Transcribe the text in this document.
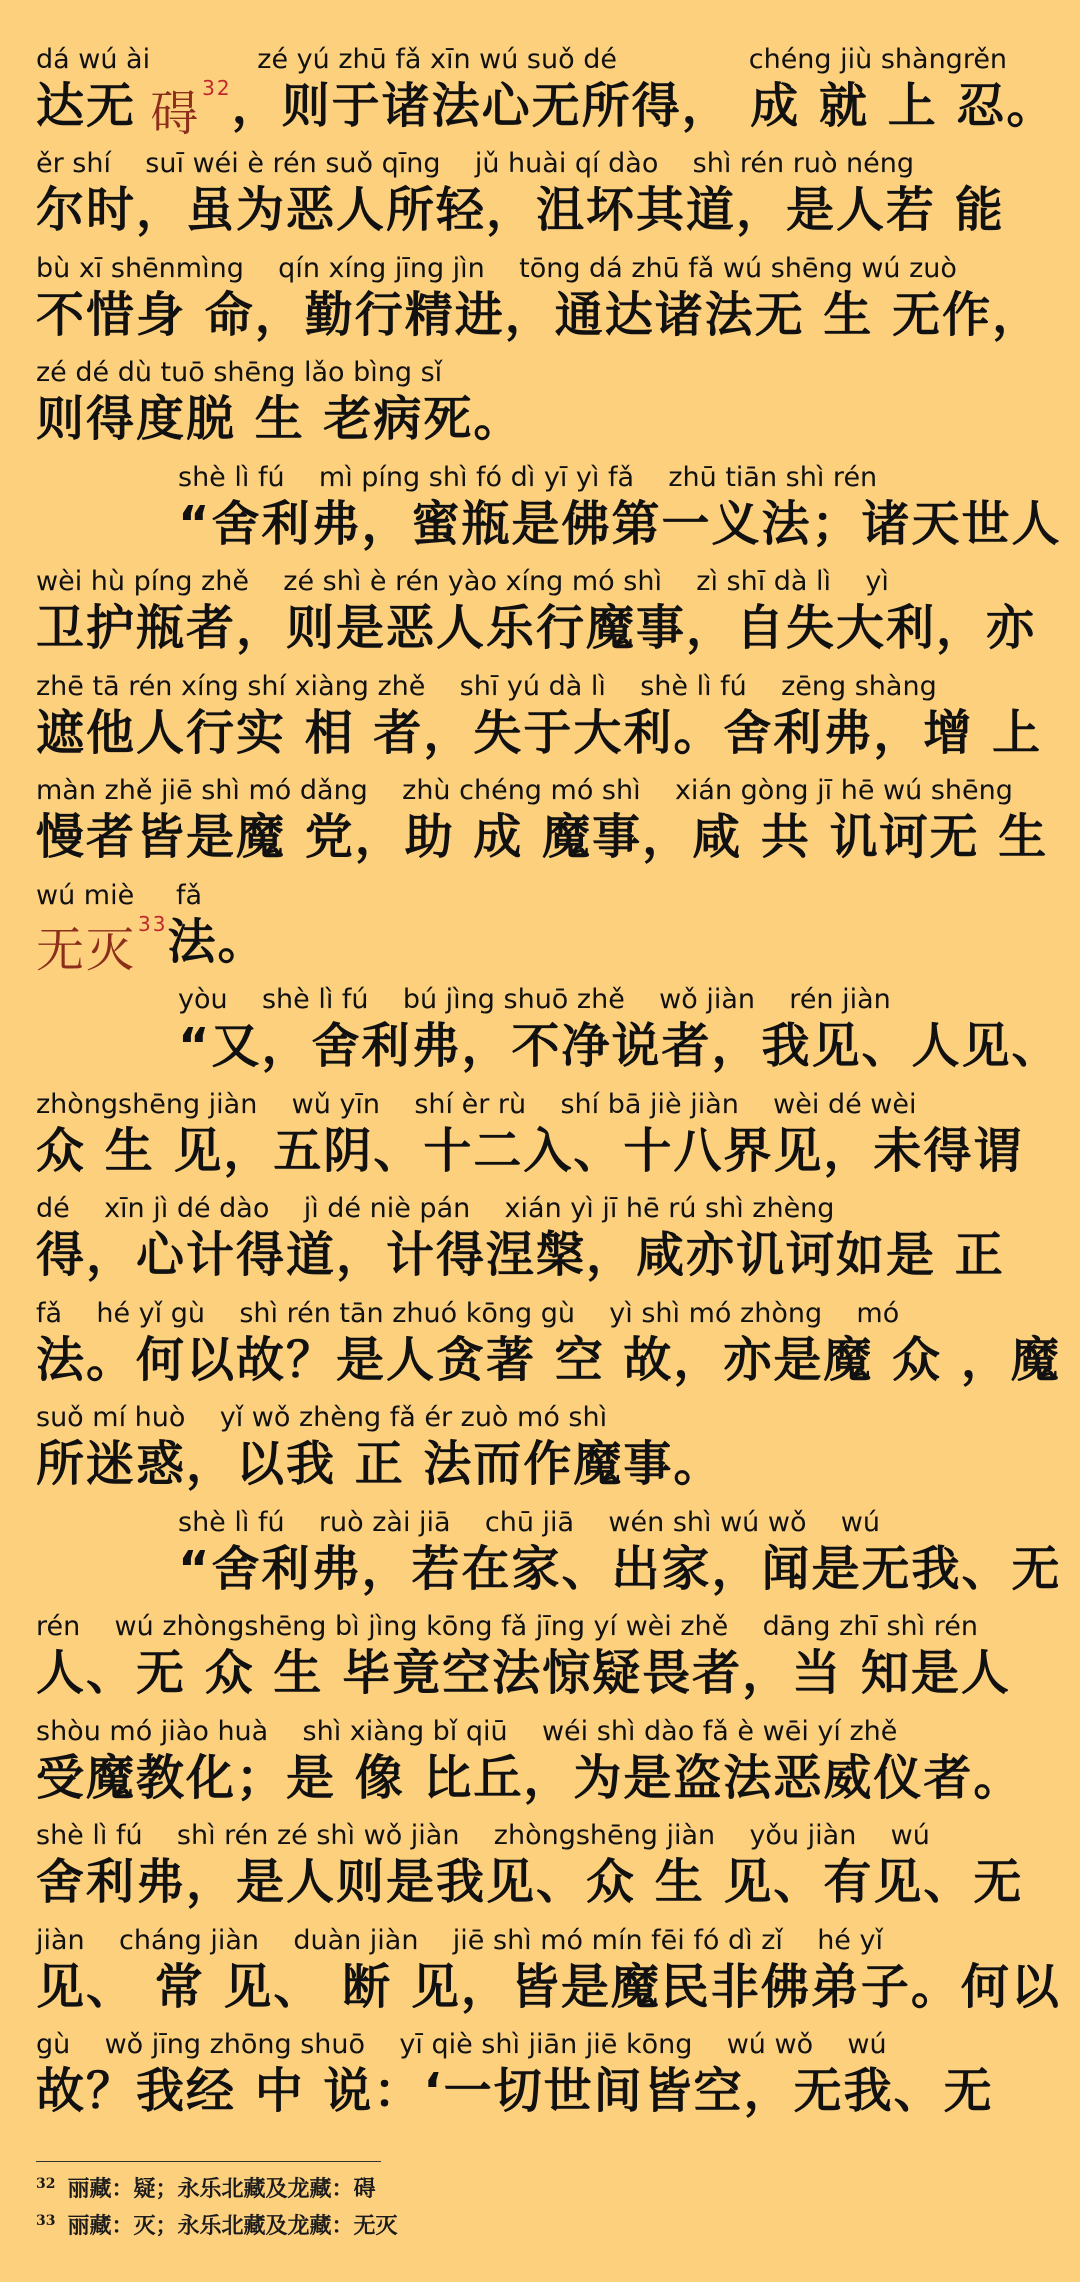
dá wú ài
达无 碍 $^{32}$
zé yú zhū fǎ xīn wú suǒ dé
，则于诸法心无所得，
chéng jiù shàngrěn
成 就 上 忍。
ěr shí    suī wéi è rén suǒ qīng    jǔ huài qí dào    shì rén ruò néng
尔时，虽为恶人所轻，沮坏其道，是人若 能
bù xī shēnmìng    qín xíng jīng jìn    tōng dá zhū fǎ wú shēng wú zuò
不惜身 命，勤行精进，通达诸法无 生 无作，
zé dé dù tuō shēng lǎo bìng sǐ
则得度脱 生 老病死。
shè lì fú    mì píng shì fó dì yī yì fǎ    zhū tiān shì rén
“舍利弗，蜜瓶是佛第一义法；诸天世人
wèi hù píng zhě    zé shì è rén yào xíng mó shì    zì shī dà lì    yì
卫护瓶者，则是恶人乐行魔事，自失大利，亦
zhē tā rén xíng shí xiàng zhě    shī yú dà lì    shè lì fú    zēng shàng
遮他人行实 相 者，失于大利。舍利弗，增 上
màn zhě jiē shì mó dǎng    zhù chéng mó shì    xián gòng jī hē wú shēng
慢者皆是魔 党，助 成 魔事，咸 共 讥诃无 生
wú miè
无灭 $^{33}$
fǎ
法。
yòu    shè lì fú    bú jìng shuō zhě    wǒ jiàn    rén jiàn
“又，舍利弗，不净说者，我见、人见、
zhòngshēng jiàn    wǔ yīn    shí èr rù    shí bā jiè jiàn    wèi dé wèi
众 生 见，五阴、十二入、十八界见，未得谓
dé    xīn jì dé dào    jì dé niè pán    xián yì jī hē rú shì zhèng
得，心计得道，计得涅槃，咸亦讥诃如是 正
fǎ    hé yǐ gù    shì rén tān zhuó kōng gù    yì shì mó zhòng    mó
法。何以故？是人贪著 空 故，亦是魔 众 ，魔
suǒ mí huò    yǐ wǒ zhèng fǎ ér zuò mó shì
所迷惑，以我 正 法而作魔事。
shè lì fú    ruò zài jiā    chū jiā    wén shì wú wǒ    wú
“舍利弗，若在家、出家，闻是无我、无
rén    wú zhòngshēng bì jìng kōng fǎ jīng yí wèi zhě    dāng zhī shì rén
人、无 众 生 毕竟空法惊疑畏者，当 知是人
shòu mó jiào huà    shì xiàng bǐ qiū    wéi shì dào fǎ è wēi yí zhě
受魔教化；是 像 比丘，为是盗法恶威仪者。
shè lì fú    shì rén zé shì wǒ jiàn    zhòngshēng jiàn    yǒu jiàn    wú
舍利弗，是人则是我见、众 生 见、有见、无
jiàn    cháng jiàn    duàn jiàn    jiē shì mó mín fēi fó dì zǐ    hé yǐ
见、 常 见、 断 见，皆是魔民非佛弟子。何以
gù    wǒ jīng zhōng shuō    yī qiè shì jiān jiē kōng    wú wǒ    wú
故？我经 中 说：‘一切世间皆空，无我、无
$^{32}$ 丽藏：疑；永乐北藏及龙藏：碍
$^{33}$ 丽藏：灭；永乐北藏及龙藏：无灭
